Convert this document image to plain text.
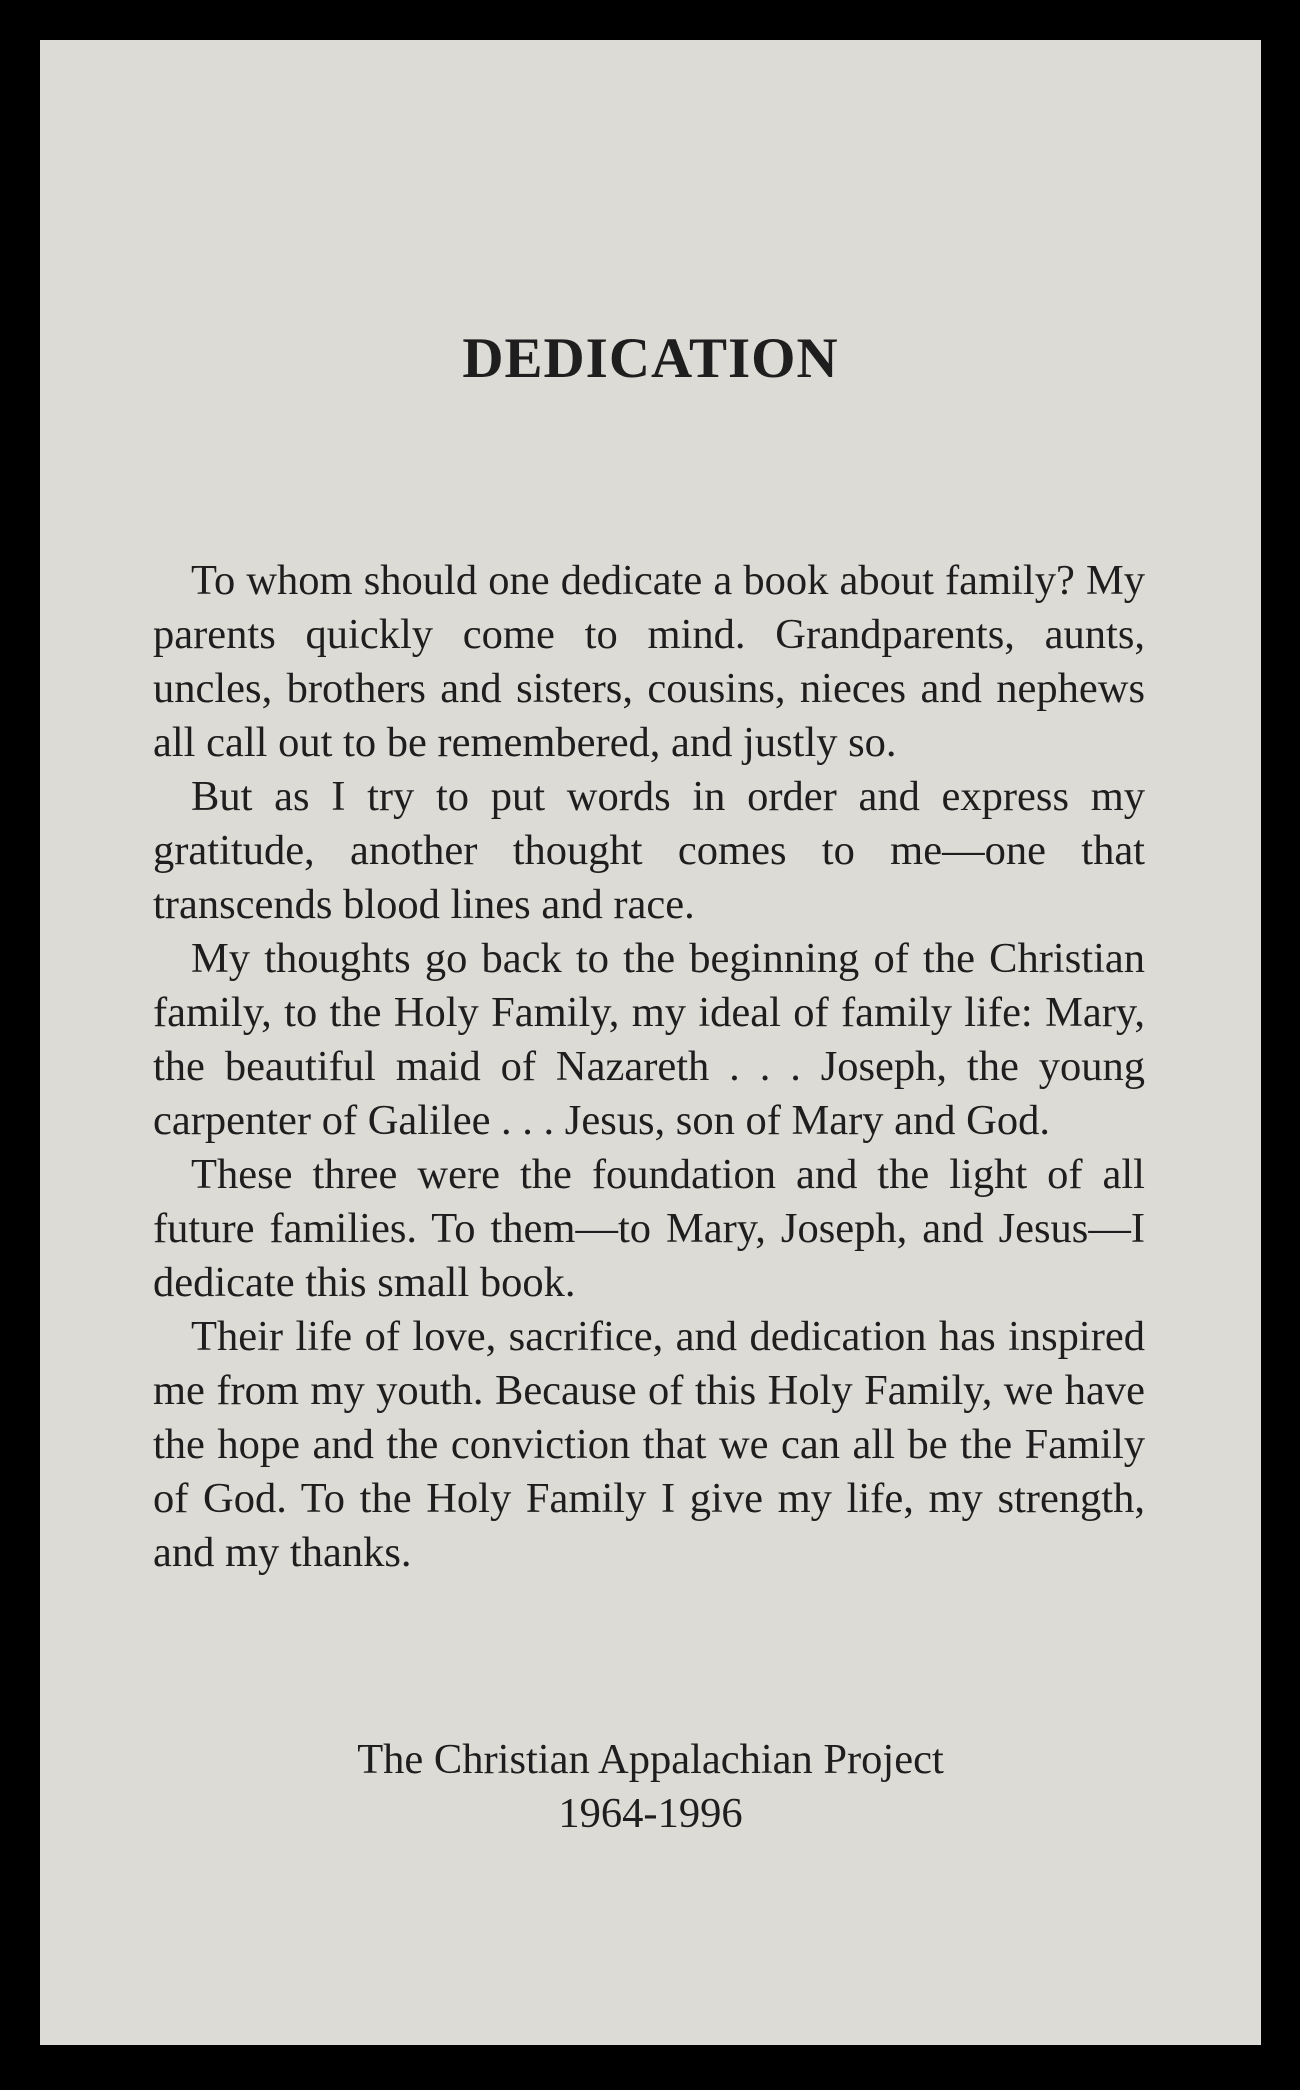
DEDICATION

To whom should one dedicate a book about family? My parents quickly come to mind. Grandparents, aunts, uncles, brothers and sisters, cousins, nieces and nephews all call out to be remembered, and justly so.

But as I try to put words in order and express my gratitude, another thought comes to me—one that transcends blood lines and race.

My thoughts go back to the beginning of the Christian family, to the Holy Family, my ideal of family life: Mary, the beautiful maid of Nazareth . . . Joseph, the young carpenter of Galilee . . . Jesus, son of Mary and God.

These three were the foundation and the light of all future families. To them—to Mary, Joseph, and Jesus—I dedicate this small book.

Their life of love, sacrifice, and dedication has inspired me from my youth. Because of this Holy Family, we have the hope and the conviction that we can all be the Family of God. To the Holy Family I give my life, my strength, and my thanks.

The Christian Appalachian Project
1964-1996
